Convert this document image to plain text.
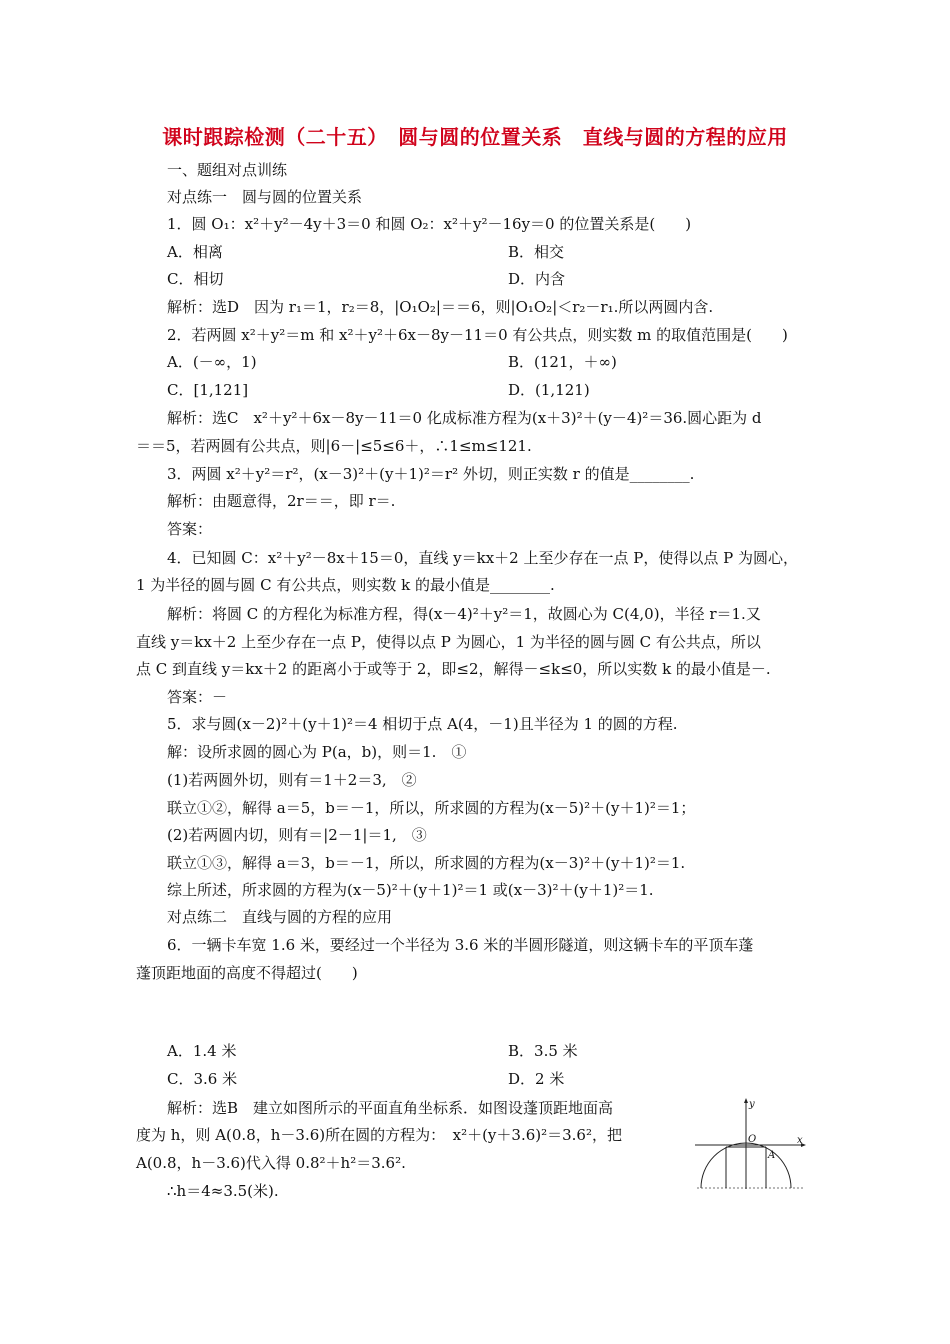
课时跟踪检测（二十五）　圆与圆的位置关系　直线与圆的方程的应用
一、题组对点训练
对点练一　圆与圆的位置关系
1．圆 O₁：x²＋y²－4y＋3＝0 和圆 O₂：x²＋y²－16y＝0 的位置关系是(　　)
A．相离	B．相交
C．相切	D．内含
解析：选D　因为 r₁＝1，r₂＝8，|O₁O₂|＝＝6，则|O₁O₂|＜r₂－r₁.所以两圆内含.
2．若两圆 x²＋y²＝m 和 x²＋y²＋6x－8y－11＝0 有公共点，则实数 m 的取值范围是(　　)
A．(－∞，1)	B．(121，＋∞)
C．[1,121]	D．(1,121)
解析：选C　x²＋y²＋6x－8y－11＝0 化成标准方程为(x＋3)²＋(y－4)²＝36.圆心距为 d
＝＝5，若两圆有公共点，则|6－|≤5≤6＋，∴1≤m≤121.
3．两圆 x²＋y²＝r²，(x－3)²＋(y＋1)²＝r² 外切，则正实数 r 的值是________.
解析：由题意得，2r＝＝，即 r＝.
答案：
4．已知圆 C：x²＋y²－8x＋15＝0，直线 y＝kx＋2 上至少存在一点 P，使得以点 P 为圆心，
1 为半径的圆与圆 C 有公共点，则实数 k 的最小值是________.
解析：将圆 C 的方程化为标准方程，得(x－4)²＋y²＝1，故圆心为 C(4,0)，半径 r＝1.又
直线 y＝kx＋2 上至少存在一点 P，使得以点 P 为圆心，1 为半径的圆与圆 C 有公共点，所以
点 C 到直线 y＝kx＋2 的距离小于或等于 2，即≤2，解得－≤k≤0，所以实数 k 的最小值是－.
答案：－
5．求与圆(x－2)²＋(y＋1)²＝4 相切于点 A(4，－1)且半径为 1 的圆的方程.
解：设所求圆的圆心为 P(a，b)，则＝1.　①
(1)若两圆外切，则有＝1＋2＝3,　②
联立①②，解得 a＝5，b＝－1，所以，所求圆的方程为(x－5)²＋(y＋1)²＝1；
(2)若两圆内切，则有＝|2－1|＝1,　③
联立①③，解得 a＝3，b＝－1，所以，所求圆的方程为(x－3)²＋(y＋1)²＝1.
综上所述，所求圆的方程为(x－5)²＋(y＋1)²＝1 或(x－3)²＋(y＋1)²＝1.
对点练二　直线与圆的方程的应用
6．一辆卡车宽 1.6 米，要经过一个半径为 3.6 米的半圆形隧道，则这辆卡车的平顶车蓬
蓬顶距地面的高度不得超过(　　)
A．1.4 米	B．3.5 米
C．3.6 米	D．2 米
解析：选B　建立如图所示的平面直角坐标系．如图设蓬顶距地面高
度为 h，则 A(0.8，h－3.6)所在圆的方程为：　x²＋(y＋3.6)²＝3.6²，把
A(0.8，h－3.6)代入得 0.8²＋h²＝3.6².
∴h＝4≈3.5(米).
y
x
O
A
